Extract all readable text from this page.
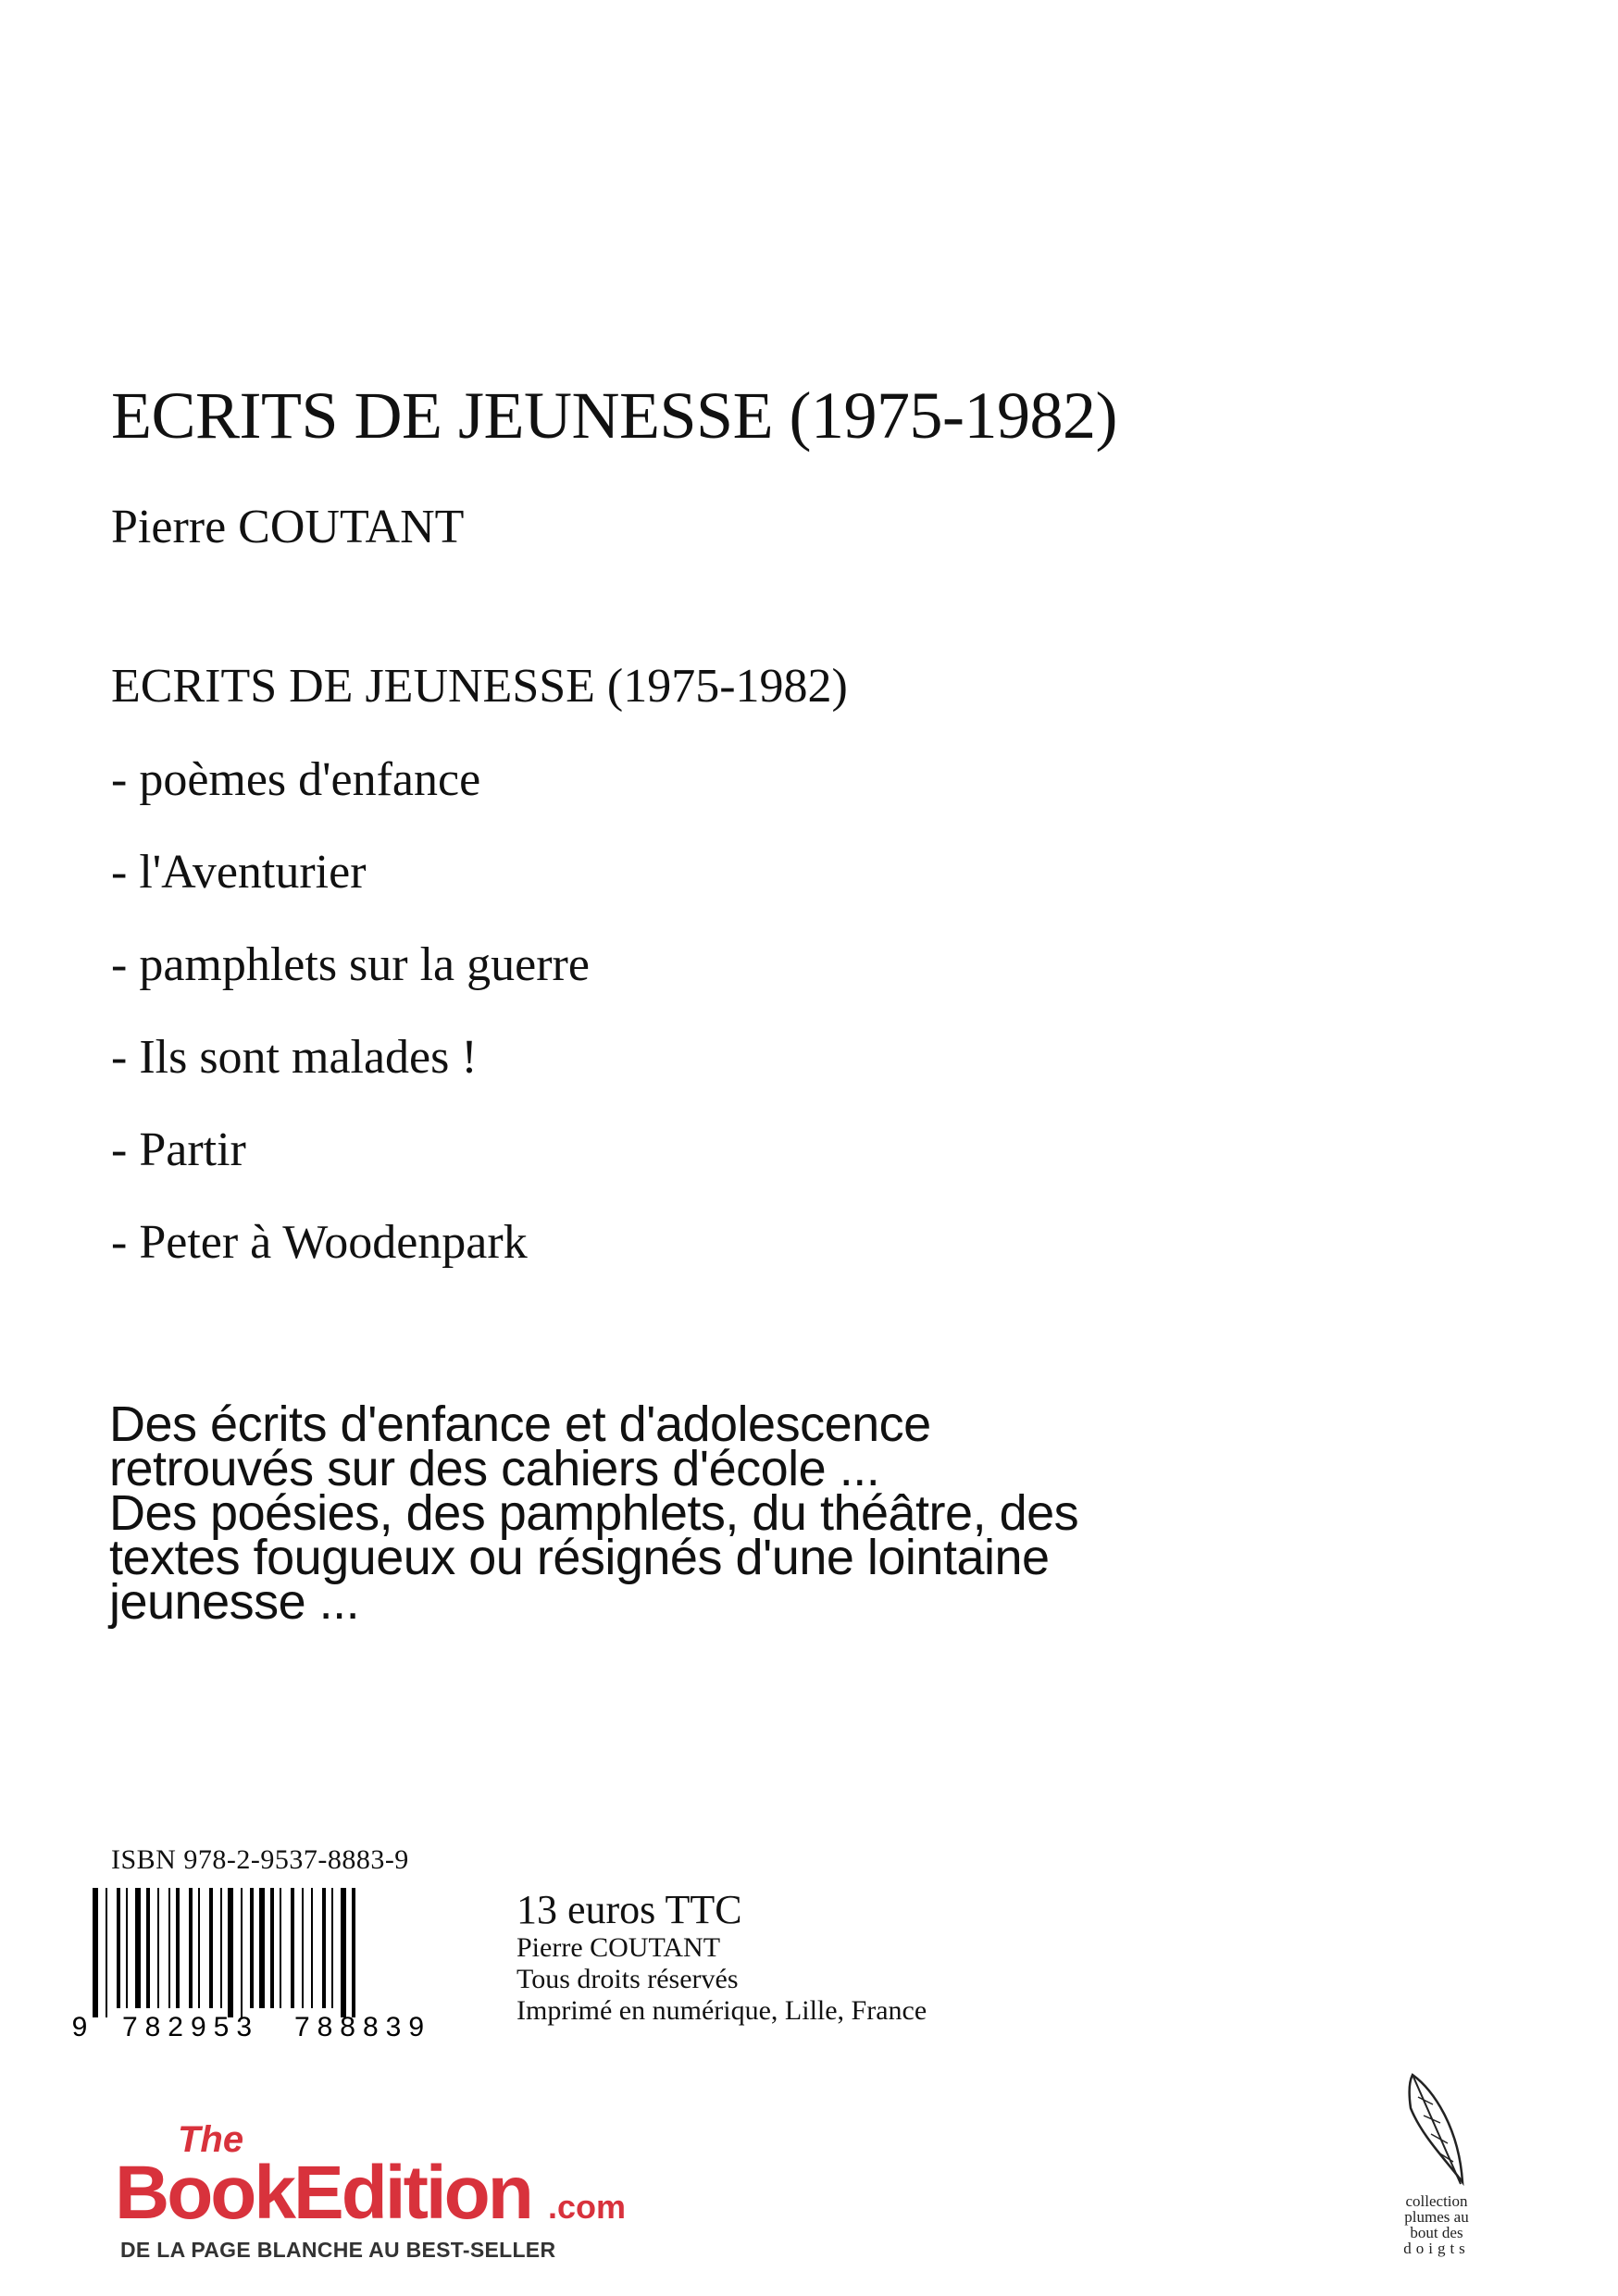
ECRITS DE JEUNESSE (1975-1982)
Pierre COUTANT
ECRITS DE JEUNESSE (1975-1982)
- poèmes d'enfance
- l'Aventurier
- pamphlets sur la guerre
- Ils sont malades !
- Partir
- Peter à Woodenpark
Des écrits d'enfance et d'adolescence
retrouvés sur des cahiers d'école ...
Des poésies, des pamphlets, du théâtre, des
textes fougueux ou résignés d'une lointaine
jeunesse ...
ISBN 978-2-9537-8883-9
9 782953 788839
13 euros TTC
Pierre COUTANT
Tous droits réservés
Imprimé en numérique, Lille, France
The
BookEdition .com
DE LA PAGE BLANCHE AU BEST-SELLER
collection
plumes au
bout des
doigts
